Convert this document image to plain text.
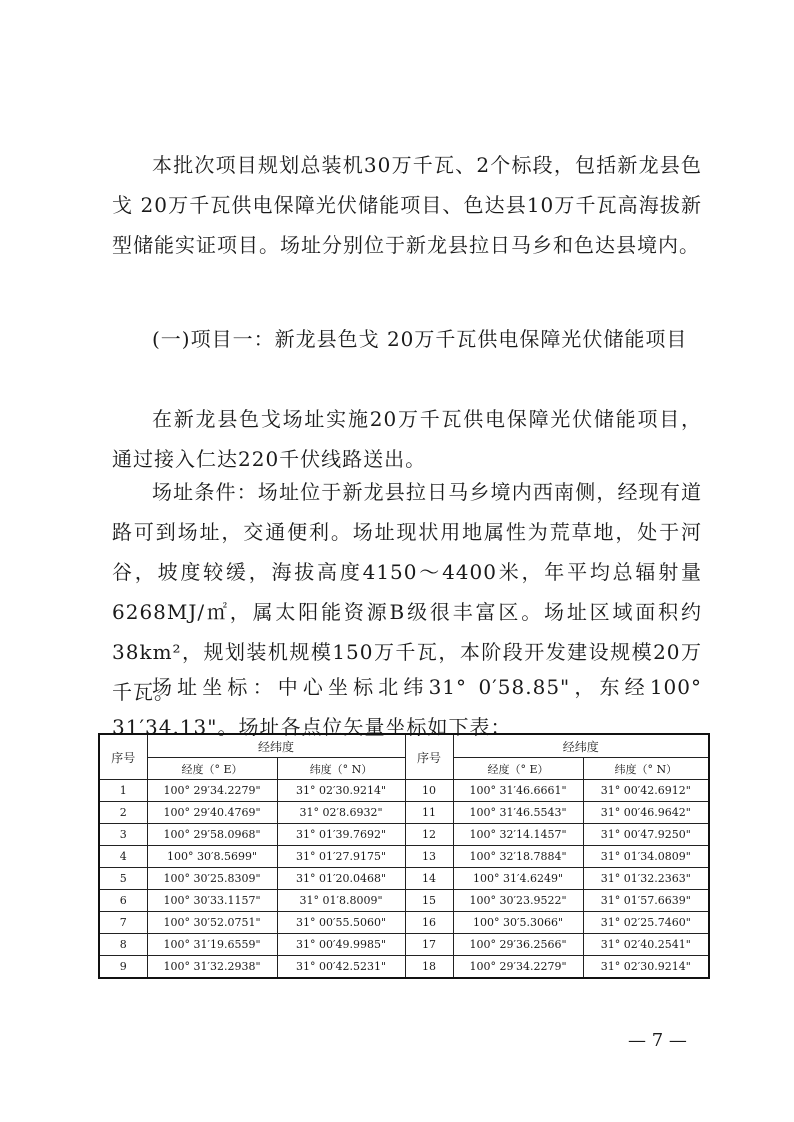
本批次项目规划总装机30万千瓦、2个标段，包括新龙县色戈 20万千瓦供电保障光伏储能项目、色达县10万千瓦高海拔新型储能实证项目。场址分别位于新龙县拉日马乡和色达县境内。

(一)项目一：新龙县色戈 20万千瓦供电保障光伏储能项目

在新龙县色戈场址实施20万千瓦供电保障光伏储能项目，通过接入仁达220千伏线路送出。

场址条件：场址位于新龙县拉日马乡境内西南侧，经现有道路可到场址，交通便利。场址现状用地属性为荒草地，处于河谷，坡度较缓，海拔高度4150～4400米，年平均总辐射量6268MJ/㎡，属太阳能资源B级很丰富区。场址区域面积约38km²，规划装机规模150万千瓦，本阶段开发建设规模20万千瓦。

场址坐标：中心坐标北纬31° 0′58.85"，东经100° 31′34.13"。场址各点位矢量坐标如下表：

序号	经纬度		序号	经纬度	
	经度（° E）	纬度（° N）		经度（° E）	纬度（° N）
1	100° 29′34.2279"	31° 02′30.9214"	10	100° 31′46.6661"	31° 00′42.6912"
2	100° 29′40.4769"	31° 02′8.6932"	11	100° 31′46.5543"	31° 00′46.9642"
3	100° 29′58.0968"	31° 01′39.7692"	12	100° 32′14.1457"	31° 00′47.9250"
4	100° 30′8.5699"	31° 01′27.9175"	13	100° 32′18.7884"	31° 01′34.0809"
5	100° 30′25.8309"	31° 01′20.0468"	14	100° 31′4.6249"	31° 01′32.2363"
6	100° 30′33.1157"	31° 01′8.8009"	15	100° 30′23.9522"	31° 01′57.6639"
7	100° 30′52.0751"	31° 00′55.5060"	16	100° 30′5.3066"	31° 02′25.7460"
8	100° 31′19.6559"	31° 00′49.9985"	17	100° 29′36.2566"	31° 02′40.2541"
9	100° 31′32.2938"	31° 00′42.5231"	18	100° 29′34.2279"	31° 02′30.9214"
— 7 —
